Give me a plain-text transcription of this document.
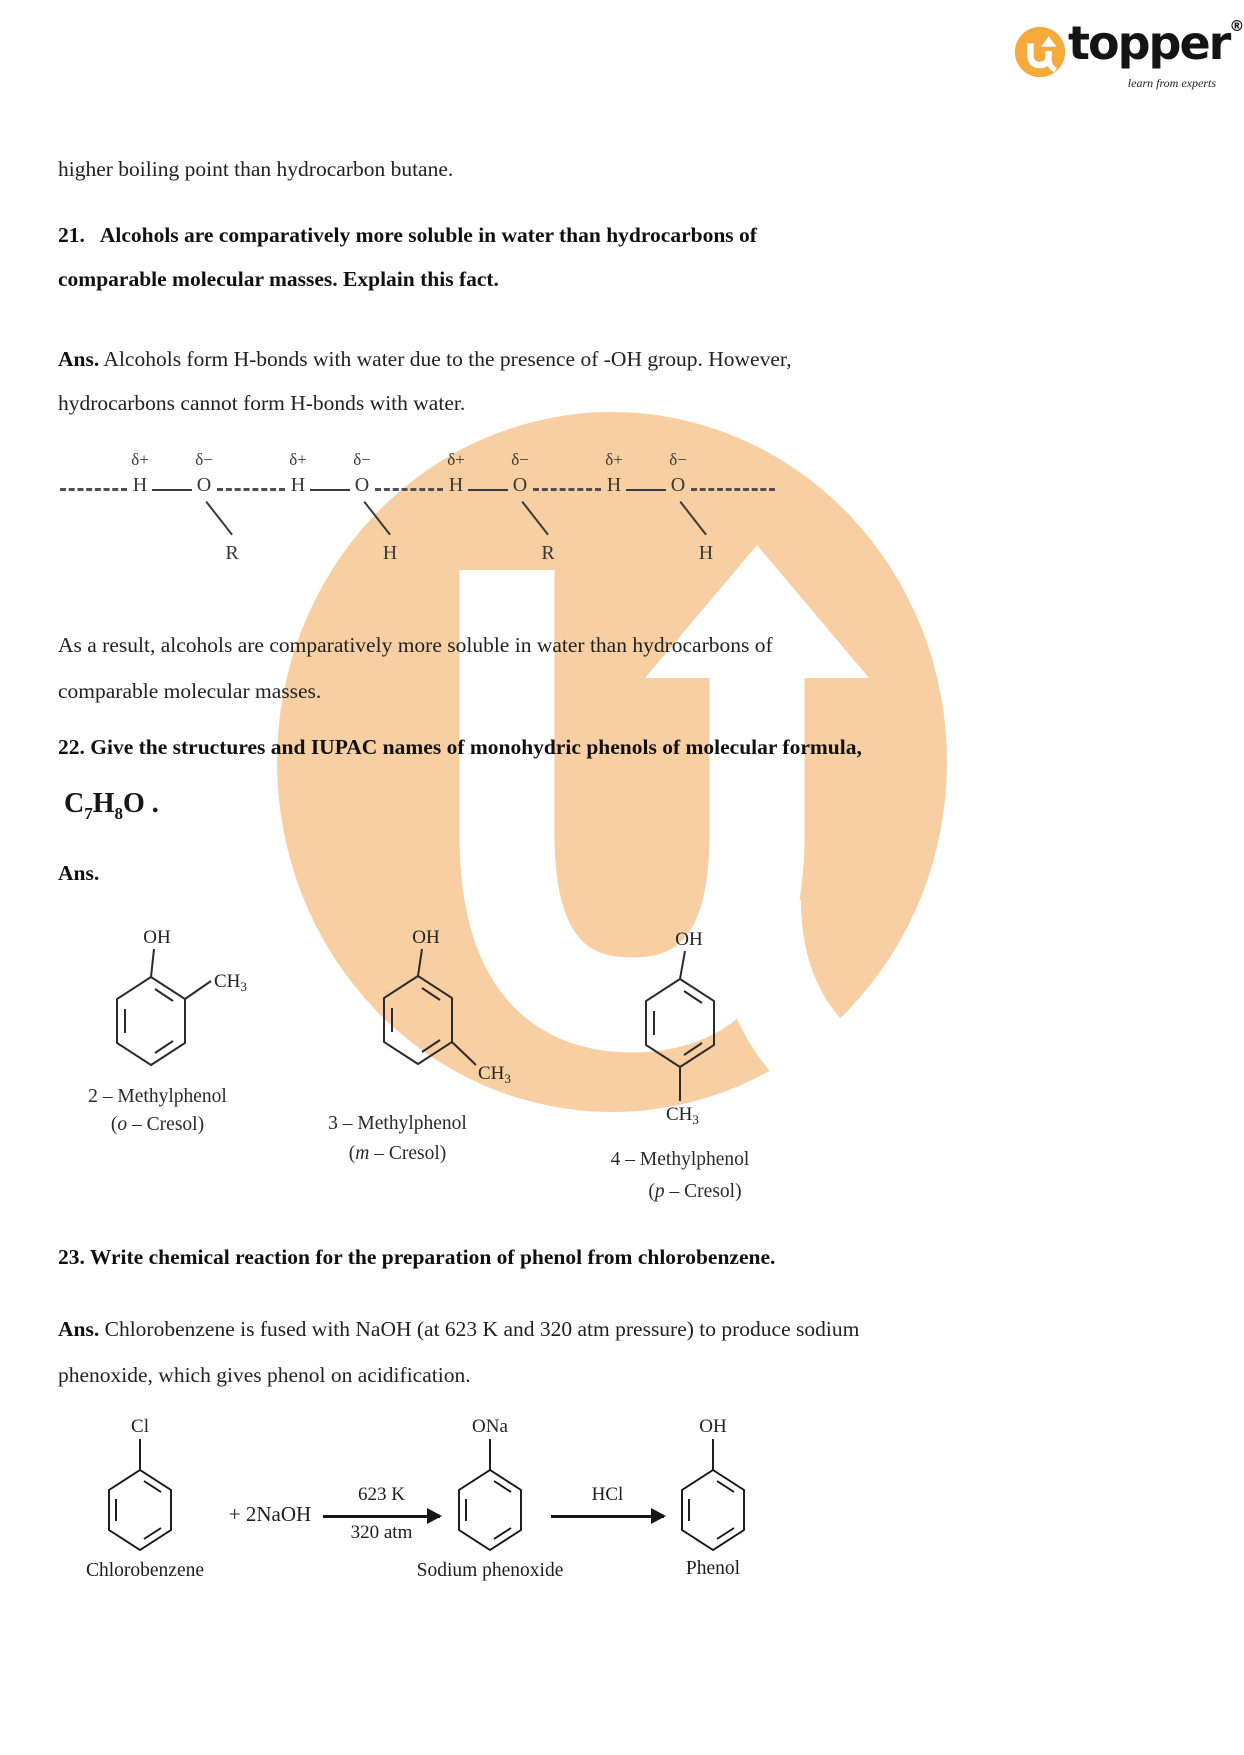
topper®
learn from experts
higher boiling point than hydrocarbon butane.
21.   Alcohols are comparatively more soluble in water than hydrocarbons of
comparable molecular masses. Explain this fact.
Ans. Alcohols form H-bonds with water due to the presence of -OH group. However,
hydrocarbons cannot form H-bonds with water.
δ+	δ−
H O
R
δ+	δ−
H O
H
δ+	δ−
H O
R
δ+	δ−
H O
H
As a result, alcohols are comparatively more soluble in water than hydrocarbons of
comparable molecular masses.
22. Give the structures and IUPAC names of monohydric phenols of molecular formula,
$C_7H_8O$ .
Ans.
OH
$CH_3$
2 – Methylphenol
(o – Cresol)
OH
$CH_3$
3 – Methylphenol
(m – Cresol)
OH
$CH_3$
4 – Methylphenol
(p – Cresol)
23. Write chemical reaction for the preparation of phenol from chlorobenzene.
Ans. Chlorobenzene is fused with NaOH (at 623 K and 320 atm pressure) to produce sodium
phenoxide, which gives phenol on acidification.
Cl
Chlorobenzene
+ 2NaOH
623 K
320 atm
ONa
Sodium phenoxide
HCl
OH
Phenol
